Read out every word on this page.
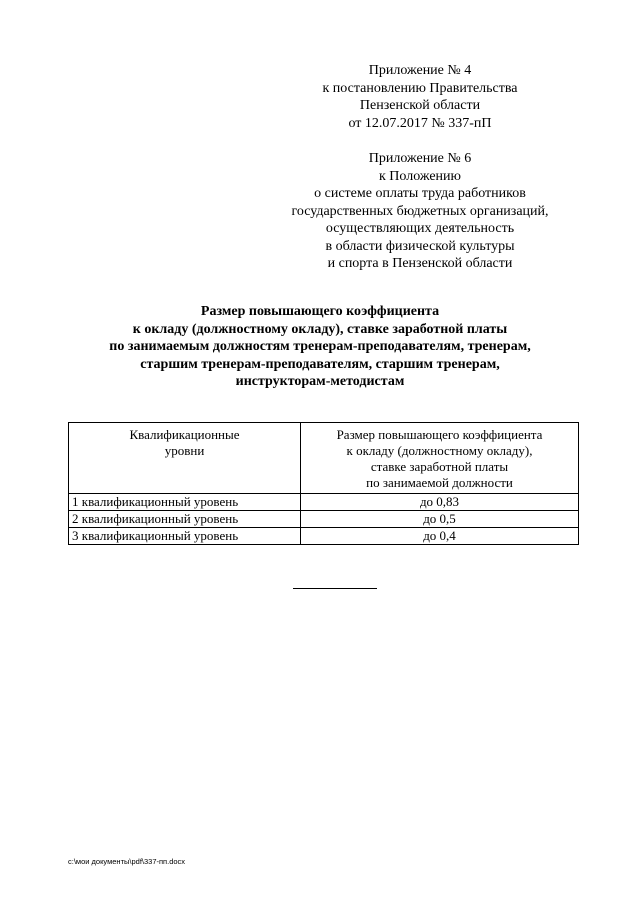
Приложение № 4
к постановлению Правительства
Пензенской области
от 12.07.2017 № 337-пП
Приложение № 6
к Положению
о системе оплаты труда работников
государственных бюджетных организаций,
осуществляющих деятельность
в области физической культуры
и спорта в Пензенской области
Размер повышающего коэффициента
к окладу (должностному окладу), ставке заработной платы
по занимаемым должностям тренерам-преподавателям, тренерам,
старшим тренерам-преподавателям, старшим тренерам,
инструкторам-методистам
Квалификационные
уровни	Размер повышающего коэффициента
к окладу (должностному окладу),
ставке заработной платы
по занимаемой должности

1 квалификационный уровень	до 0,83
2 квалификационный уровень	до 0,5
3 квалификационный уровень	до 0,4
c:\мои документы\pdf\337-пп.docx
